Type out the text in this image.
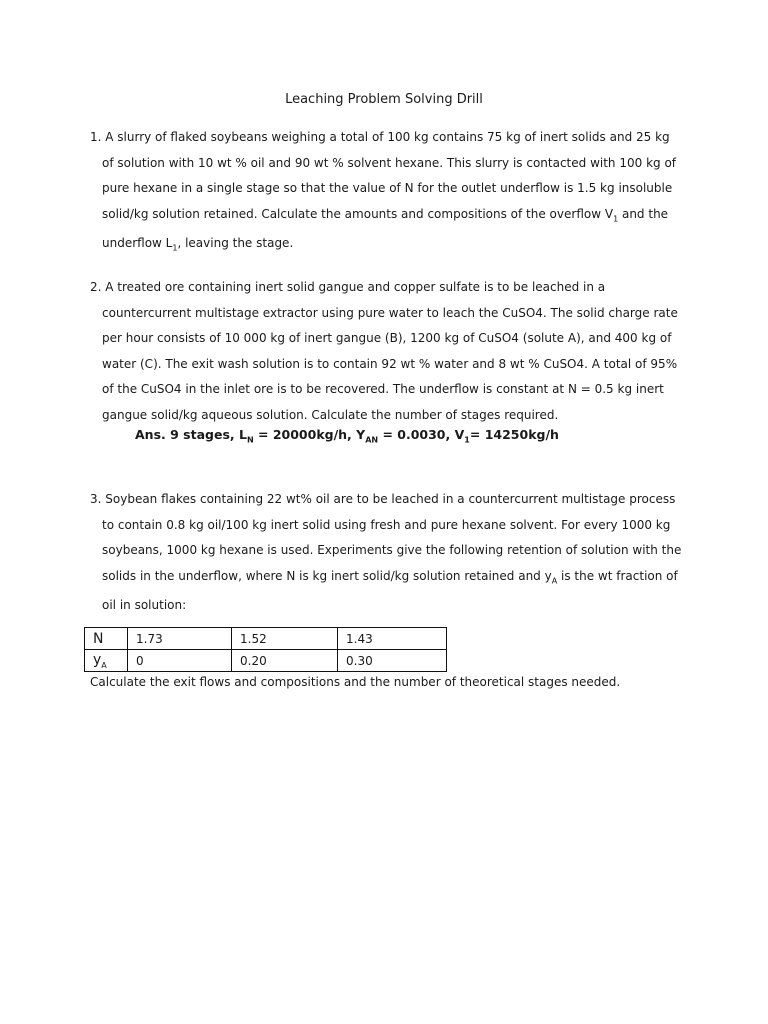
Leaching Problem Solving Drill

1. A slurry of flaked soybeans weighing a total of 100 kg contains 75 kg of inert solids and 25 kg of solution with 10 wt % oil and 90 wt % solvent hexane. This slurry is contacted with 100 kg of pure hexane in a single stage so that the value of N for the outlet underflow is 1.5 kg insoluble solid/kg solution retained. Calculate the amounts and compositions of the overflow $V_1$ and the underflow $L_1$, leaving the stage.

2. A treated ore containing inert solid gangue and copper sulfate is to be leached in a countercurrent multistage extractor using pure water to leach the CuSO4. The solid charge rate per hour consists of 10 000 kg of inert gangue (B), 1200 kg of CuSO4 (solute A), and 400 kg of water (C). The exit wash solution is to contain 92 wt % water and 8 wt % CuSO4. A total of 95% of the CuSO4 in the inlet ore is to be recovered. The underflow is constant at N = 0.5 kg inert gangue solid/kg aqueous solution. Calculate the number of stages required.

Ans. 9 stages, $L_N = 20000kg/h$, $Y_{AN} = 0.0030$, $V_1= 14250kg/h$

3. Soybean flakes containing 22 wt% oil are to be leached in a countercurrent multistage process to contain 0.8 kg oil/100 kg inert solid using fresh and pure hexane solvent. For every 1000 kg soybeans, 1000 kg hexane is used. Experiments give the following retention of solution with the solids in the underflow, where N is kg inert solid/kg solution retained and $y_A$ is the wt fraction of oil in solution:

N	1.73	1.52	1.43
$y_A$	0	0.20	0.30
Calculate the exit flows and compositions and the number of theoretical stages needed.
